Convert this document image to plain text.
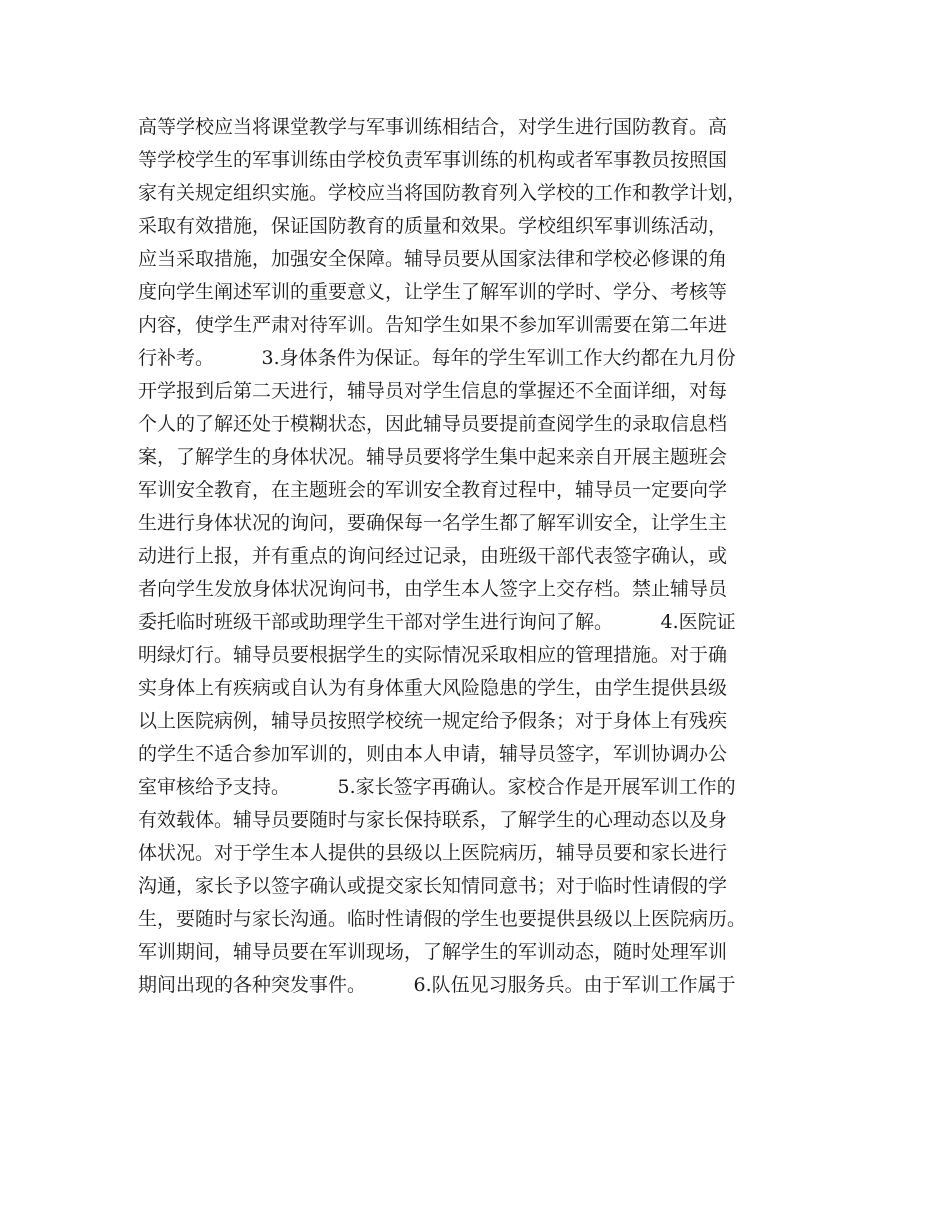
高等学校应当将课堂教学与军事训练相结合，对学生进行国防教育。高
等学校学生的军事训练由学校负责军事训练的机构或者军事教员按照国
家有关规定组织实施。学校应当将国防教育列入学校的工作和教学计划，
采取有效措施，保证国防教育的质量和效果。学校组织军事训练活动，
应当采取措施，加强安全保障。辅导员要从国家法律和学校必修课的角
度向学生阐述军训的重要意义，让学生了解军训的学时、学分、考核等
内容，使学生严肃对待军训。告知学生如果不参加军训需要在第二年进
行补考。　　　3.身体条件为保证。每年的学生军训工作大约都在九月份
开学报到后第二天进行，辅导员对学生信息的掌握还不全面详细，对每
个人的了解还处于模糊状态，因此辅导员要提前查阅学生的录取信息档
案，了解学生的身体状况。辅导员要将学生集中起来亲自开展主题班会
军训安全教育，在主题班会的军训安全教育过程中，辅导员一定要向学
生进行身体状况的询问，要确保每一名学生都了解军训安全，让学生主
动进行上报，并有重点的询问经过记录，由班级干部代表签字确认，或
者向学生发放身体状况询问书，由学生本人签字上交存档。禁止辅导员
委托临时班级干部或助理学生干部对学生进行询问了解。　　　4.医院证
明绿灯行。辅导员要根据学生的实际情况采取相应的管理措施。对于确
实身体上有疾病或自认为有身体重大风险隐患的学生，由学生提供县级
以上医院病例，辅导员按照学校统一规定给予假条；对于身体上有残疾
的学生不适合参加军训的，则由本人申请，辅导员签字，军训协调办公
室审核给予支持。　　　5.家长签字再确认。家校合作是开展军训工作的
有效载体。辅导员要随时与家长保持联系，了解学生的心理动态以及身
体状况。对于学生本人提供的县级以上医院病历，辅导员要和家长进行
沟通，家长予以签字确认或提交家长知情同意书；对于临时性请假的学
生，要随时与家长沟通。临时性请假的学生也要提供县级以上医院病历。
军训期间，辅导员要在军训现场，了解学生的军训动态，随时处理军训
期间出现的各种突发事件。　　　6.队伍见习服务兵。由于军训工作属于
